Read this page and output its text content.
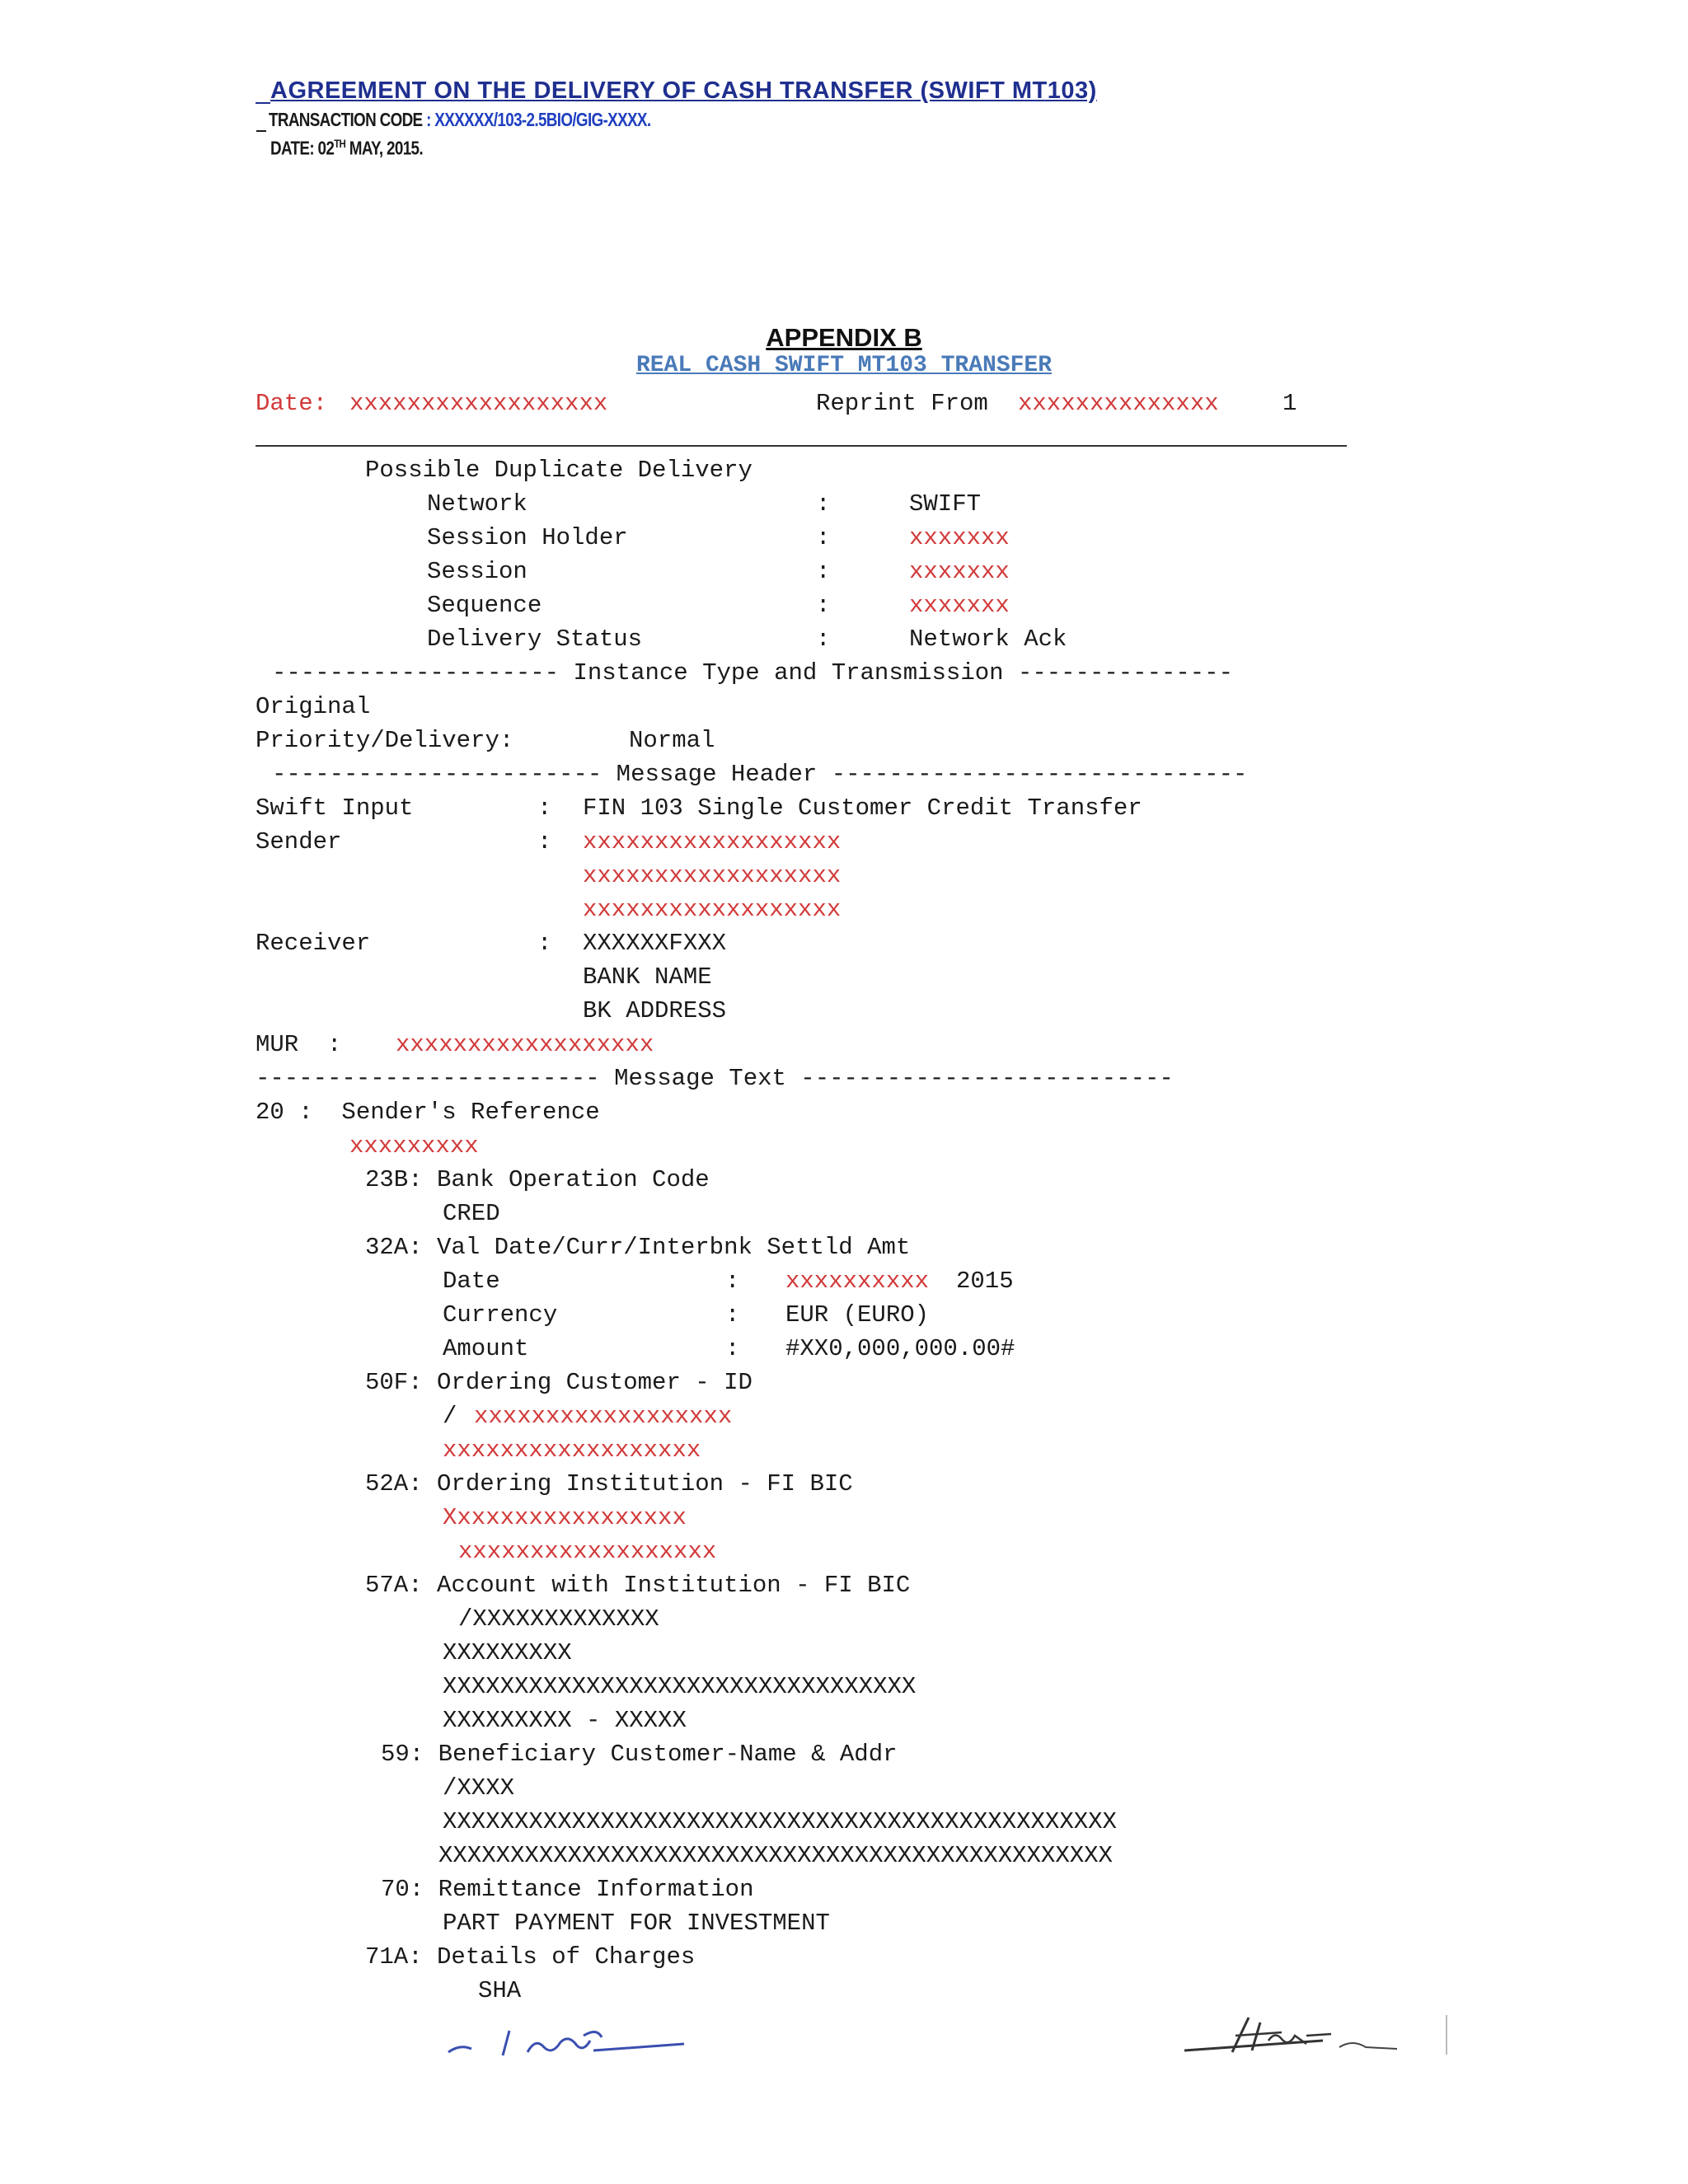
AGREEMENT ON THE DELIVERY OF CASH TRANSFER (SWIFT MT103)
TRANSACTION CODE : XXXXXX/103-2.5BIO/GIG-XXXX.
DATE: 02TH MAY, 2015.
APPENDIX B
REAL CASH SWIFT MT103 TRANSFER
Date: xxxxxxxxxxxxxxxxxx	Reprint From xxxxxxxxxxxxxx	1
Possible Duplicate Delivery
Network	:	SWIFT
Session Holder	:	xxxxxxx
Session	:	xxxxxxx
Sequence	:	xxxxxxx
Delivery Status	:	Network Ack
-------------------- Instance Type and Transmission ---------------
Original
Priority/Delivery:	Normal
----------------------- Message Header -----------------------------
Swift Input	: FIN 103 Single Customer Credit Transfer
Sender	: xxxxxxxxxxxxxxxxxx
xxxxxxxxxxxxxxxxxx
xxxxxxxxxxxxxxxxxx
Receiver	: XXXXXXFXXX
BANK NAME
BK ADDRESS
MUR  : xxxxxxxxxxxxxxxxxx
------------------------ Message Text --------------------------
20 :  Sender's Reference
xxxxxxxxx
23B: Bank Operation Code
CRED
32A: Val Date/Curr/Interbnk Settld Amt
Date	: xxxxxxxxxx 2015
Currency	: EUR (EURO)
Amount	: #XX0,000,000.00#
50F: Ordering Customer - ID
/ xxxxxxxxxxxxxxxxxx
xxxxxxxxxxxxxxxxxx
52A: Ordering Institution - FI BIC
Xxxxxxxxxxxxxxxxx
xxxxxxxxxxxxxxxxxx
57A: Account with Institution - FI BIC
/XXXXXXXXXXXXX
XXXXXXXXX
XXXXXXXXXXXXXXXXXXXXXXXXXXXXXXXXX
XXXXXXXXX - XXXXX
59: Beneficiary Customer-Name & Addr
/XXXX
XXXXXXXXXXXXXXXXXXXXXXXXXXXXXXXXXXXXXXXXXXXXXXX
XXXXXXXXXXXXXXXXXXXXXXXXXXXXXXXXXXXXXXXXXXXXXXX
70: Remittance Information
PART PAYMENT FOR INVESTMENT
71A: Details of Charges
SHA
